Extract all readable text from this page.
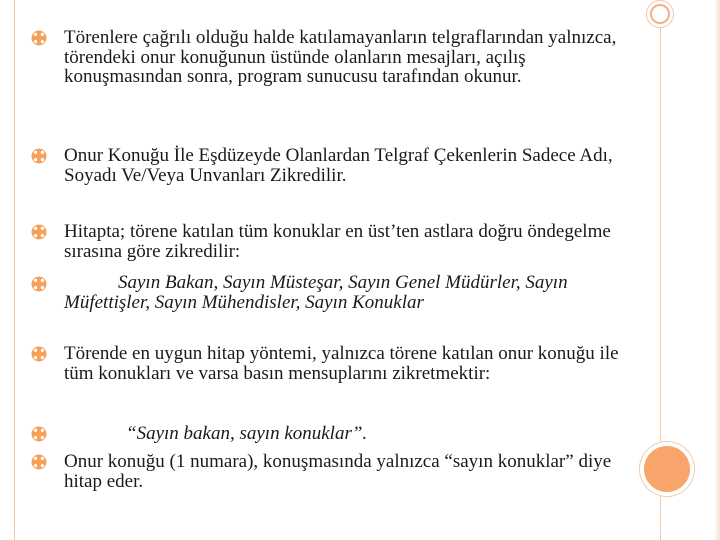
Törenlere çağrılı olduğu halde katılamayanların telgraflarından yalnızca, törendeki onur konuğunun üstünde olanların mesajları, açılış konuşmasından sonra, program sunucusu tarafından okunur.

Onur Konuğu İle Eşdüzeyde Olanlardan Telgraf Çekenlerin Sadece Adı, Soyadı Ve/Veya Unvanları Zikredilir.

Hitapta; törene katılan tüm konuklar en üst’ten astlara doğru öndegelme sırasına göre zikredilir:

Sayın Bakan, Sayın Müsteşar, Sayın Genel Müdürler, Sayın Müfettişler, Sayın Mühendisler, Sayın Konuklar

Törende en uygun hitap yöntemi, yalnızca törene katılan onur konuğu ile tüm konukları ve varsa basın mensuplarını zikretmektir:

“Sayın bakan, sayın konuklar”.

Onur konuğu (1 numara), konuşmasında yalnızca “sayın konuklar” diye hitap eder.
